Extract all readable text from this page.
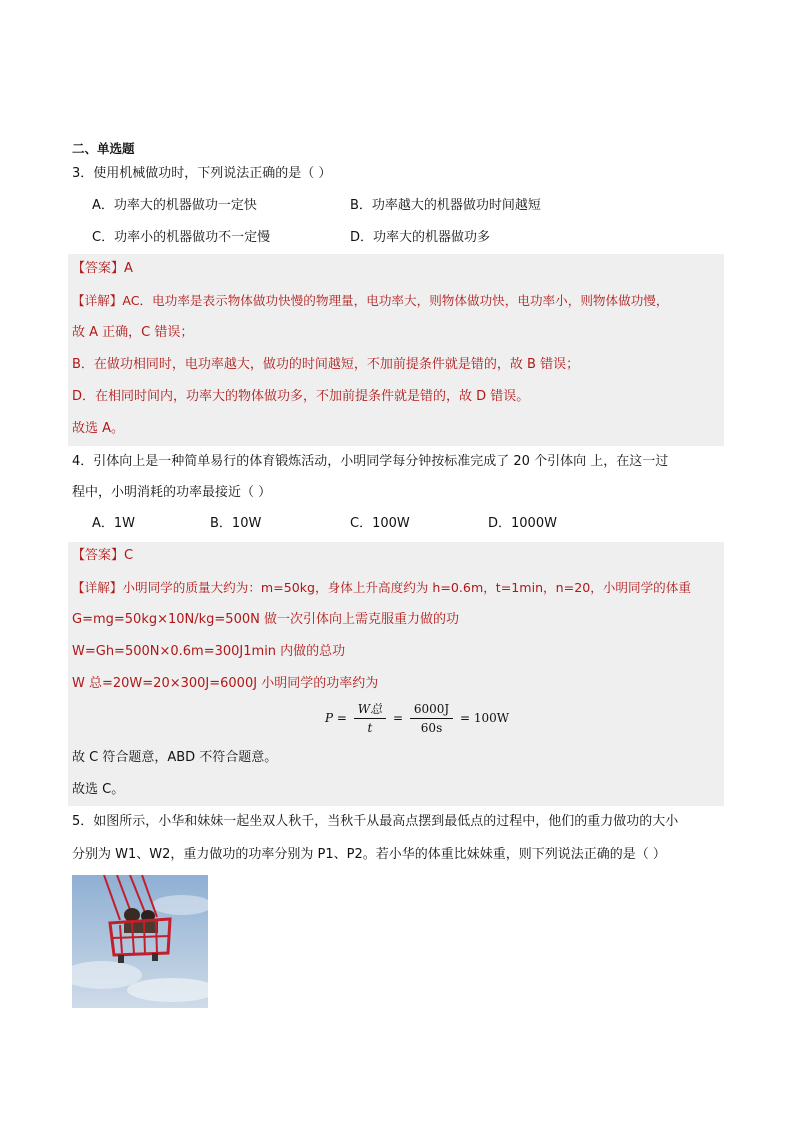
二、单选题
3．使用机械做功时，下列说法正确的是（ ）
A．功率大的机器做功一定快	B．功率越大的机器做功时间越短
C．功率小的机器做功不一定慢	D．功率大的机器做功多
【答案】A
【详解】AC．电功率是表示物体做功快慢的物理量，电功率大，则物体做功快，电功率小，则物体做功慢，
故 A 正确，C 错误；
B．在做功相同时，电功率越大，做功的时间越短，不加前提条件就是错的，故 B 错误；
D．在相同时间内，功率大的物体做功多，不加前提条件就是错的，故 D 错误。
故选 A。
4．引体向上是一种简单易行的体育锻炼活动，小明同学每分钟按标准完成了 20 个引体向 上，在这一过
程中，小明消耗的功率最接近（ ）
A．1W	B．10W	C．100W	D．1000W
【答案】C
【详解】小明同学的质量大约为：m=50kg，身体上升高度约为 h=0.6m，t=1min，n=20，小明同学的体重
G=mg=50kg×10N/kg=500N 做一次引体向上需克服重力做的功
W=Gh=500N×0.6m=300J1min 内做的总功
W 总=20W=20×300J=6000J 小明同学的功率约为
$P = \frac{\text{W总}}{t} = \frac{6000J}{60s} = 100W$
故 C 符合题意，ABD 不符合题意。
故选 C。
5．如图所示，小华和妹妹一起坐双人秋千，当秋千从最高点摆到最低点的过程中，他们的重力做功的大小
分别为 W1、W2，重力做功的功率分别为 P1、P2。若小华的体重比妹妹重，则下列说法正确的是（ ）
